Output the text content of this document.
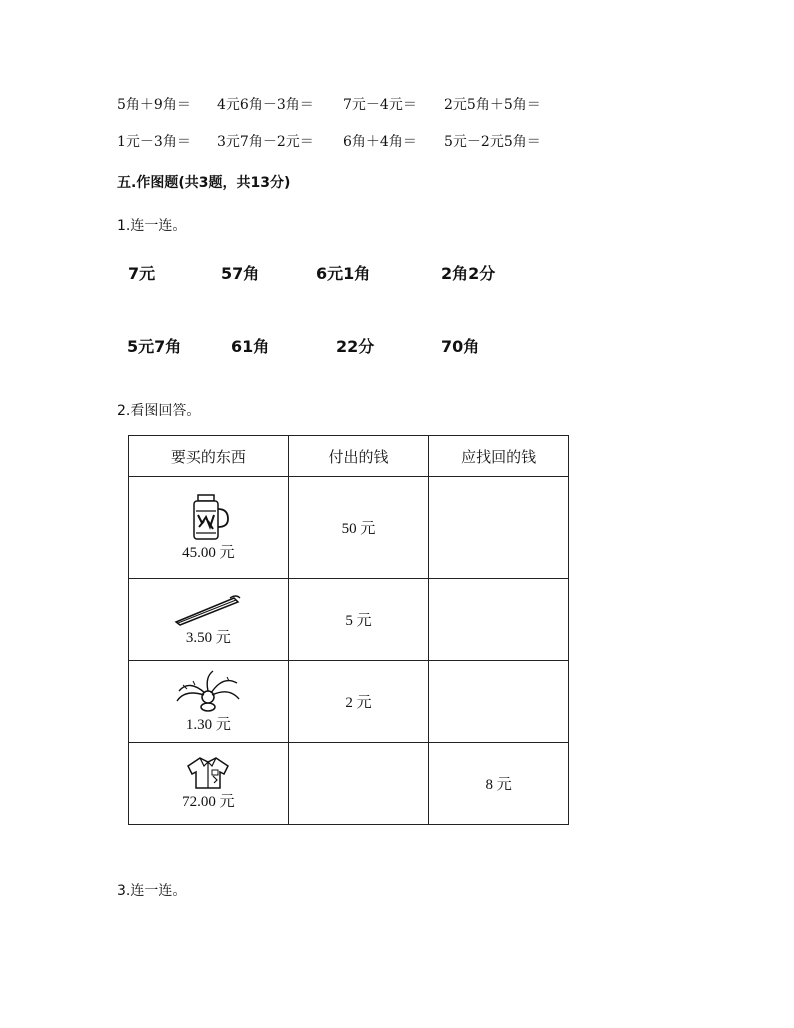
5角＋9角＝ 4元6角－3角＝ 7元－4元＝ 2元5角＋5角＝
1元－3角＝ 3元7角－2元＝ 6角＋4角＝ 5元－2元5角＝
五.作图题(共3题，共13分)
1.连一连。
7元	57角	6元1角	2角2分
5元7角	61角	22分	70角
2.看图回答。
要买的东西	付出的钱	应找回的钱

45.00 元	50 元	

3.50 元	5 元	

1.30 元	2 元	

72.00 元		8 元
3.连一连。
